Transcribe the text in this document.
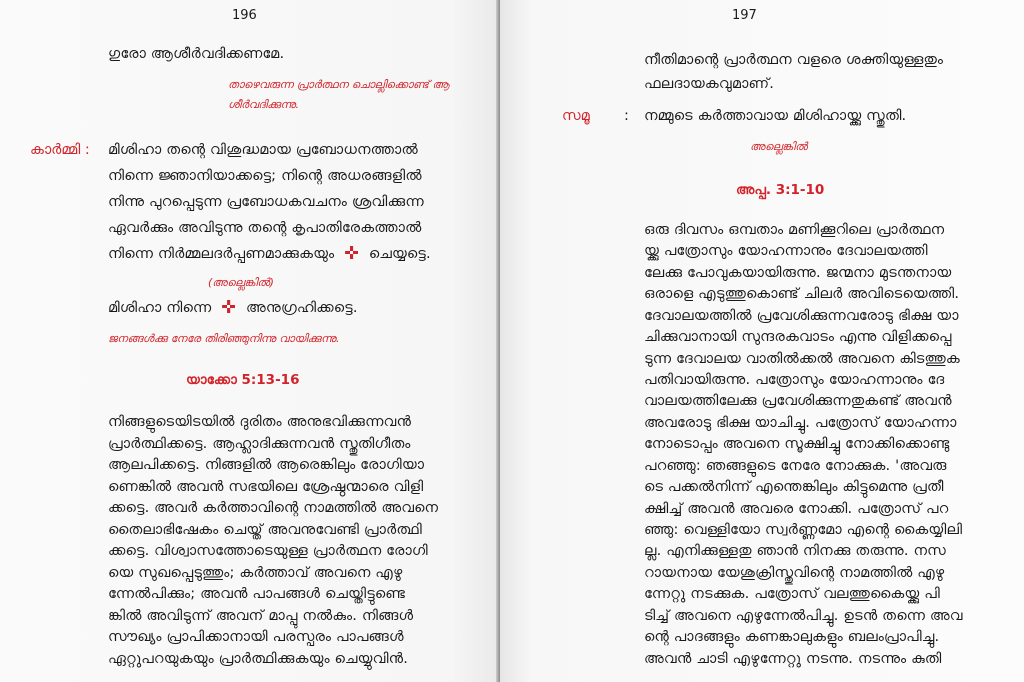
196
ഗുരോ ആശീർവദിക്കണമേ.
താഴെവരുന്ന പ്രാർത്ഥന ചൊല്ലിക്കൊണ്ട് ആ
ശീർവദിക്കുന്നു.
കാർമ്മി : മിശിഹാ തന്റെ വിശുദ്ധമായ പ്രബോധനത്താൽ
നിന്നെ ജ്ഞാനിയാക്കട്ടെ; നിന്റെ അധരങ്ങളിൽ
നിന്നു പുറപ്പെടുന്ന പ്രബോധകവചനം ശ്രവിക്കുന്ന
ഏവർക്കും അവിടുന്നു തന്റെ കൃപാതിരേകത്താൽ
നിന്നെ നിർമ്മലദർപ്പണമാക്കുകയും ചെയ്യട്ടെ.
(അല്ലെങ്കിൽ)
മിശിഹാ നിന്നെ അനുഗ്രഹിക്കട്ടെ.
ജനങ്ങൾക്കു നേരേ തിരിഞ്ഞുനിന്നു വായിക്കുന്നു.
യാക്കോ 5:13-16
നിങ്ങളുടെയിടയിൽ ദുരിതം അനുഭവിക്കുന്നവൻ
പ്രാർത്ഥിക്കട്ടെ. ആഹ്ലാദിക്കുന്നവൻ സ്തുതിഗീതം
ആലപിക്കട്ടെ. നിങ്ങളിൽ ആരെങ്കിലും രോഗിയാ
ണെങ്കിൽ അവൻ സഭയിലെ ശ്രേഷ്ഠന്മാരെ വിളി
ക്കട്ടെ. അവർ കർത്താവിന്റെ നാമത്തിൽ അവനെ
തൈലാഭിഷേകം ചെയ്ത് അവനുവേണ്ടി പ്രാർത്ഥി
ക്കട്ടെ. വിശ്വാസത്തോടെയുള്ള പ്രാർത്ഥന രോഗി
യെ സുഖപ്പെടുത്തും; കർത്താവ് അവനെ എഴു
ന്നേൽപിക്കും; അവൻ പാപങ്ങൾ ചെയ്തിട്ടുണ്ടെ
ങ്കിൽ അവിടുന്ന് അവന് മാപ്പു നൽകും. നിങ്ങൾ
സൗഖ്യം പ്രാപിക്കാനായി പരസ്പരം പാപങ്ങൾ
ഏറ്റുപറയുകയും പ്രാർത്ഥിക്കുകയും ചെയ്യുവിൻ.
197
നീതിമാന്റെ പ്രാർത്ഥന വളരെ ശക്തിയുള്ളതും
ഫലദായകവുമാണ്.
സമൂ : നമ്മുടെ കർത്താവായ മിശിഹായ്ക്കു സ്തുതി.
അല്ലെങ്കിൽ
അപ്പ. 3:1-10
ഒരു ദിവസം ഒമ്പതാം മണിക്കൂറിലെ പ്രാർത്ഥന
യ്ക്കു പത്രോസും യോഹന്നാനും ദേവാലയത്തി
ലേക്കു പോവുകയായിരുന്നു. ജന്മനാ മുടന്തനായ
ഒരാളെ എടുത്തുകൊണ്ട് ചിലർ അവിടെയെത്തി.
ദേവാലയത്തിൽ പ്രവേശിക്കുന്നവരോടു ഭിക്ഷ യാ
ചിക്കുവാനായി സുന്ദരകവാടം എന്നു വിളിക്കപ്പെ
ടുന്ന ദേവാലയ വാതിൽക്കൽ അവനെ കിടത്തുക
പതിവായിരുന്നു. പത്രോസും യോഹന്നാനും ദേ
വാലയത്തിലേക്കു പ്രവേശിക്കുന്നതുകണ്ട് അവൻ
അവരോടു ഭിക്ഷ യാചിച്ചു. പത്രോസ് യോഹന്നാ
നോടൊപ്പം അവനെ സൂക്ഷിച്ചു നോക്കിക്കൊണ്ടു
പറഞ്ഞു: ഞങ്ങളുടെ നേരേ നോക്കുക. 'അവരു
ടെ പക്കൽനിന്ന് എന്തെങ്കിലും കിട്ടുമെന്നു പ്രതീ
ക്ഷിച്ച് അവൻ അവരെ നോക്കി. പത്രോസ് പറ
ഞ്ഞു: വെള്ളിയോ സ്വർണ്ണമോ എന്റെ കൈയ്യിലി
ല്ല. എനിക്കുള്ളതു ഞാൻ നിനക്കു തരുന്നു. നസ
റായനായ യേശുക്രിസ്തുവിന്റെ നാമത്തിൽ എഴു
ന്നേറ്റു നടക്കുക. പത്രോസ് വലത്തുകൈയ്ക്കു പി
ടിച്ച് അവനെ എഴുന്നേൽപിച്ചു. ഉടൻ തന്നെ അവ
ന്റെ പാദങ്ങളും കണങ്കാലുകളും ബലംപ്രാപിച്ചു.
അവൻ ചാടി എഴുന്നേറ്റു നടന്നു. നടന്നും കുതി
